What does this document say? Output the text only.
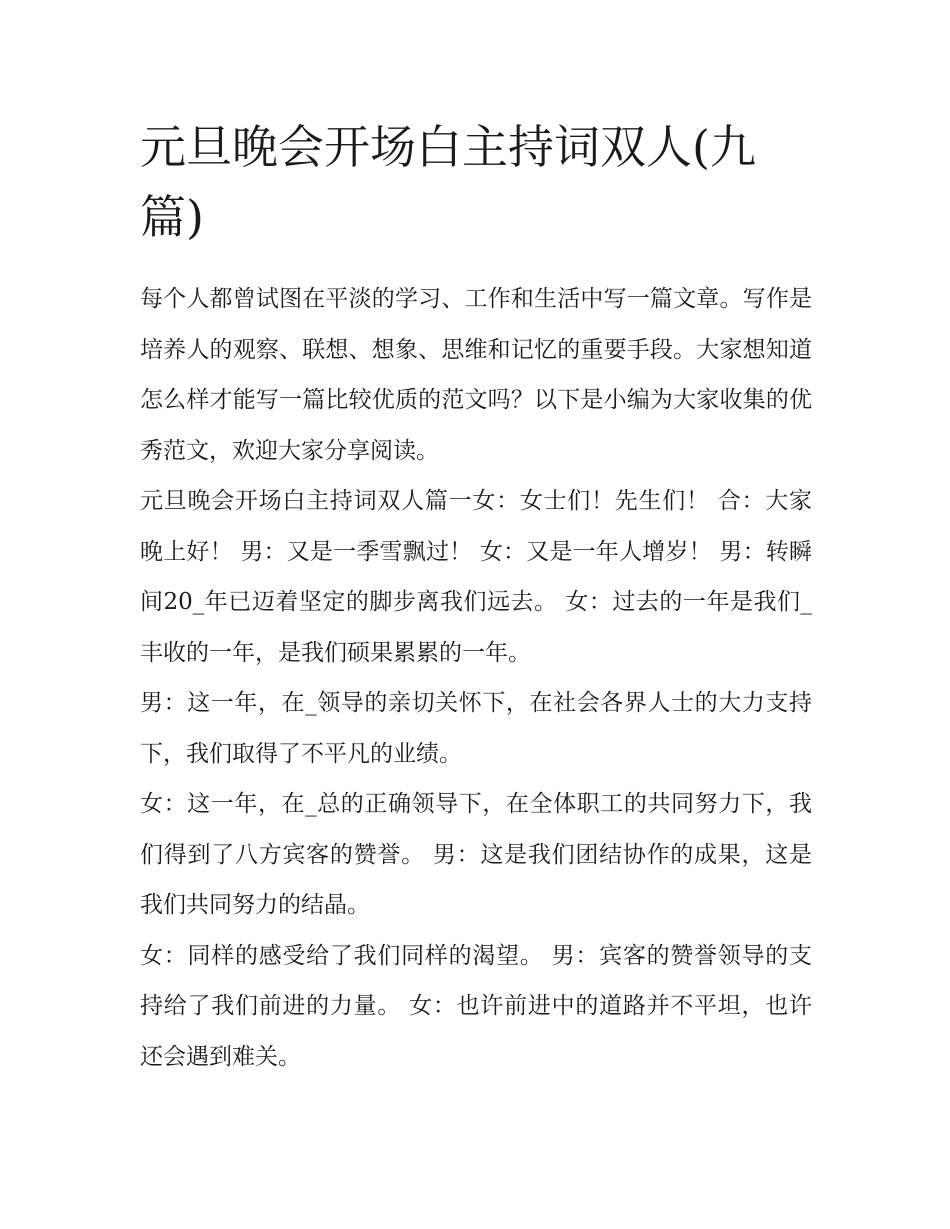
元旦晚会开场白主持词双人(九篇)

每个人都曾试图在平淡的学习、工作和生活中写一篇文章。写作是培养人的观察、联想、想象、思维和记忆的重要手段。大家想知道怎么样才能写一篇比较优质的范文吗？以下是小编为大家收集的优秀范文，欢迎大家分享阅读。

元旦晚会开场白主持词双人篇一女：女士们！先生们！ 合：大家晚上好！ 男：又是一季雪飘过！ 女：又是一年人增岁！ 男：转瞬间20_年已迈着坚定的脚步离我们远去。 女：过去的一年是我们_丰收的一年，是我们硕果累累的一年。

男：这一年，在_领导的亲切关怀下，在社会各界人士的大力支持下，我们取得了不平凡的业绩。

女：这一年，在_总的正确领导下，在全体职工的共同努力下，我们得到了八方宾客的赞誉。 男：这是我们团结协作的成果，这是我们共同努力的结晶。

女：同样的感受给了我们同样的渴望。 男：宾客的赞誉领导的支持给了我们前进的力量。 女：也许前进中的道路并不平坦，也许还会遇到难关。
